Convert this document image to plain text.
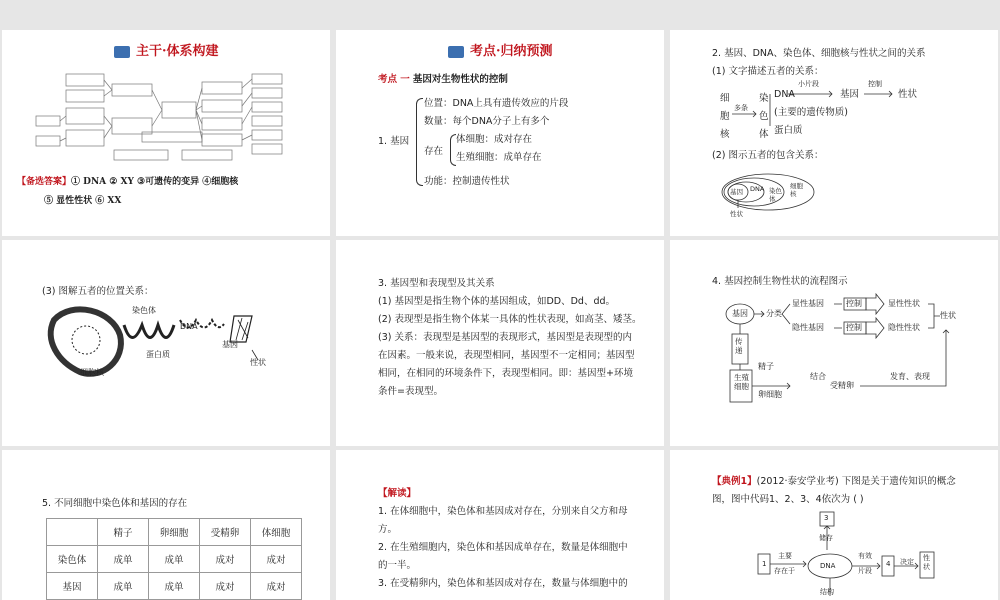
主干·体系构建
【备选答案】① DNA ② XY ③可遗传的变异 ④细胞核
⑤ 显性性状 ⑥ XX
考点·归纳预测
考点 一 基因对生物性状的控制
1. 基因
位置：DNA上具有遗传效应的片段
数量：每个DNA分子上有多个
存在
体细胞：成对存在
生殖细胞：成单存在
功能：控制遗传性状
2. 基因、DNA、染色体、细胞核与性状之间的关系
(1) 文字描述五者的关系：
细胞核
多条
染色体
DNA
小片段
基因
控制
性状
(主要的遗传物质)
蛋白质
(2) 图示五者的包含关系：
基因 DNA 染色体
细胞核
性状
(3) 图解五者的位置关系：
染色体
DNA
蛋白质
基因
细胞核
性状
3. 基因型和表现型及其关系
(1) 基因型是指生物个体的基因组成，如DD、Dd、dd。
(2) 表现型是指生物个体某一具体的性状表现，如高茎、矮茎。
(3) 关系：表现型是基因型的表现形式，基因型是表现型的内
在因素。一般来说，表现型相同，基因型不一定相同；基因型
相同，在相同的环境条件下，表现型相同。即：基因型+环境
条件=表现型。
4. 基因控制生物性状的流程图示
基因 分类
显性基因
隐性基因
控制
控制
显性性状
隐性性状
性状
传递
生殖细胞
精子
卵细胞
结合
受精卵
发育、表现
5. 不同细胞中染色体和基因的存在
	精子	卵细胞	受精卵	体细胞
染色体	成单	成单	成对	成对
基因	成单	成单	成对	成对
【解读】
1. 在体细胞中，染色体和基因成对存在，分别来自父方和母
方。
2. 在生殖细胞内，染色体和基因成单存在，数量是体细胞中
的一半。
3. 在受精卵内，染色体和基因成对存在，数量与体细胞中的
【典例1】(2012·泰安学业考) 下图是关于遗传知识的概念
图，图中代码1、2、3、4依次为 ( )
3
储存
1
主要
存在于
DNA
有效
片段
4 决定 性状
结构
